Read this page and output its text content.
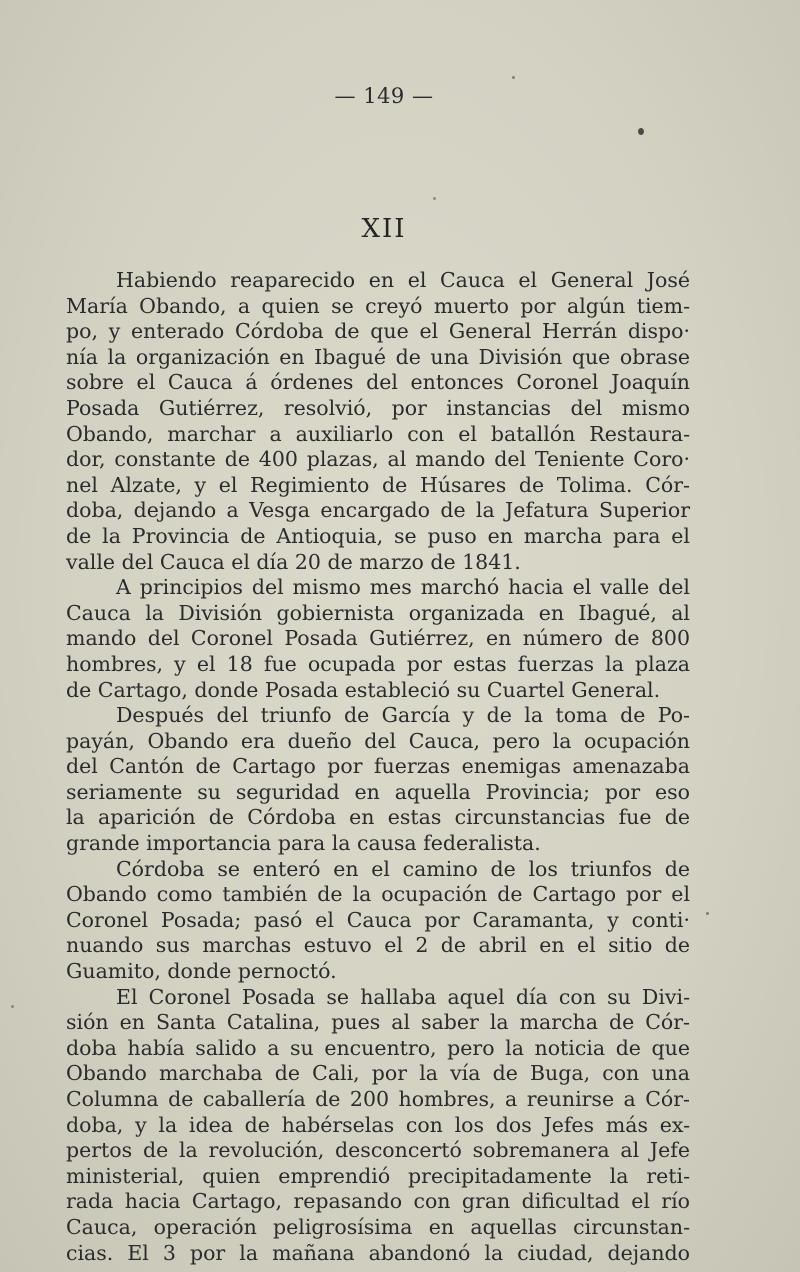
— 149 —
XII
Habiendo reaparecido en el Cauca el General José
María Obando, a quien se creyó muerto por algún tiem-
po, y enterado Córdoba de que el General Herrán dispo·
nía la organización en Ibagué de una División que obrase
sobre el Cauca á órdenes del entonces Coronel Joaquín
Posada Gutiérrez, resolvió, por instancias del mismo
Obando, marchar a auxiliarlo con el batallón Restaura-
dor, constante de 400 plazas, al mando del Teniente Coro·
nel Alzate, y el Regimiento de Húsares de Tolima. Cór-
doba, dejando a Vesga encargado de la Jefatura Superior
de la Provincia de Antioquia, se puso en marcha para el
valle del Cauca el día 20 de marzo de 1841.
A principios del mismo mes marchó hacia el valle del
Cauca la División gobiernista organizada en Ibagué, al
mando del Coronel Posada Gutiérrez, en número de 800
hombres, y el 18 fue ocupada por estas fuerzas la plaza
de Cartago, donde Posada estableció su Cuartel General.
Después del triunfo de García y de la toma de Po-
payán, Obando era dueño del Cauca, pero la ocupación
del Cantón de Cartago por fuerzas enemigas amenazaba
seriamente su seguridad en aquella Provincia; por eso
la aparición de Córdoba en estas circunstancias fue de
grande importancia para la causa federalista.
Córdoba se enteró en el camino de los triunfos de
Obando como también de la ocupación de Cartago por el
Coronel Posada; pasó el Cauca por Caramanta, y conti·
nuando sus marchas estuvo el 2 de abril en el sitio de
Guamito, donde pernoctó.
El Coronel Posada se hallaba aquel día con su Divi-
sión en Santa Catalina, pues al saber la marcha de Cór-
doba había salido a su encuentro, pero la noticia de que
Obando marchaba de Cali, por la vía de Buga, con una
Columna de caballería de 200 hombres, a reunirse a Cór-
doba, y la idea de habérselas con los dos Jefes más ex-
pertos de la revolución, desconcertó sobremanera al Jefe
ministerial, quien emprendió precipitadamente la reti-
rada hacia Cartago, repasando con gran dificultad el río
Cauca, operación peligrosísima en aquellas circunstan-
cias. El 3 por la mañana abandonó la ciudad, dejando
